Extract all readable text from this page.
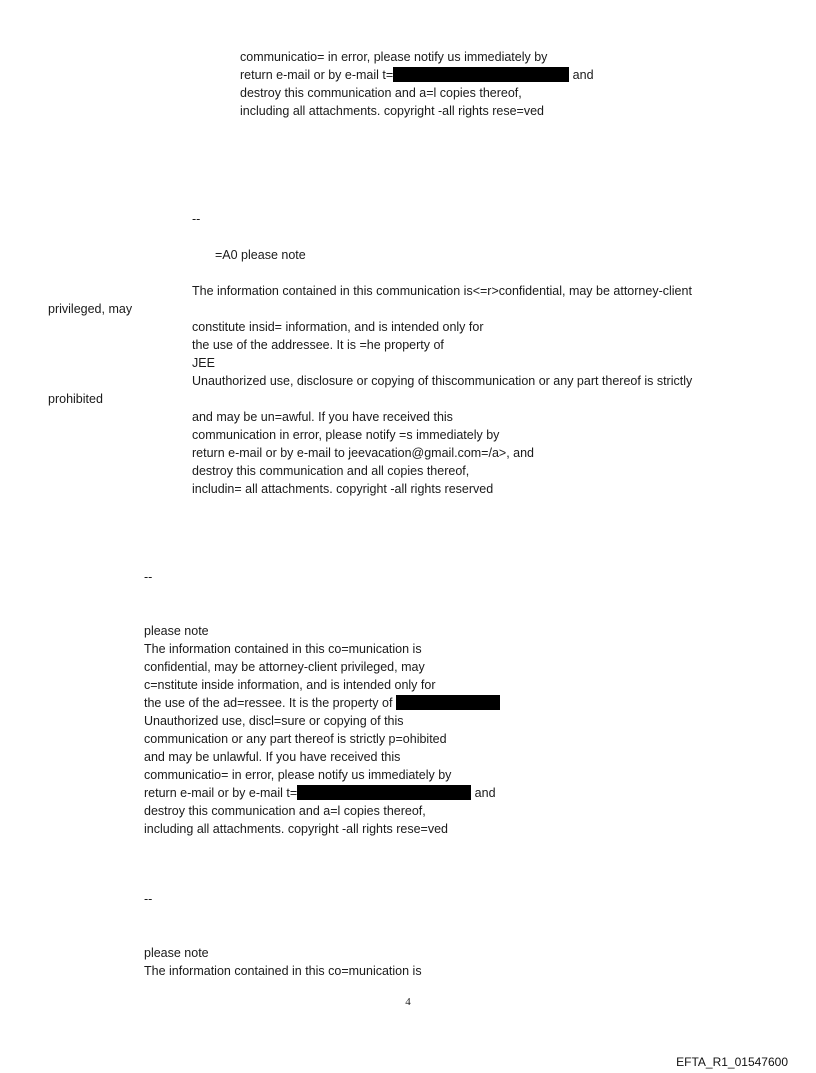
communicatio= in error, please notify us immediately by
return e-mail or by e-mail t=	and
destroy this communication and a=l copies thereof,
including all attachments. copyright -all rights rese=ved
--
=A0 please note
The information contained in this communication is<=r>confidential, may be attorney-client
privileged, may
constitute insid= information, and is intended only for
the use of the addressee. It is =he property of
JEE
Unauthorized use, disclosure or copying of thiscommunication or any part thereof is strictly
prohibited
and may be un=awful. If you have received this
communication in error, please notify =s immediately by
return e-mail or by e-mail to jeevacation@gmail.com=/a>, and
destroy this communication and all copies thereof,
includin= all attachments. copyright -all rights reserved
--
please note
The information contained in this co=munication is
confidential, may be attorney-client privileged, may
c=nstitute inside information, and is intended only for
the use of the ad=ressee. It is the property of
Unauthorized use, discl=sure or copying of this
communication or any part thereof is strictly p=ohibited
and may be unlawful. If you have received this
communicatio= in error, please notify us immediately by
return e-mail or by e-mail t=	and
destroy this communication and a=l copies thereof,
including all attachments. copyright -all rights rese=ved
--
please note
The information contained in this co=munication is
4
EFTA_R1_01547600
